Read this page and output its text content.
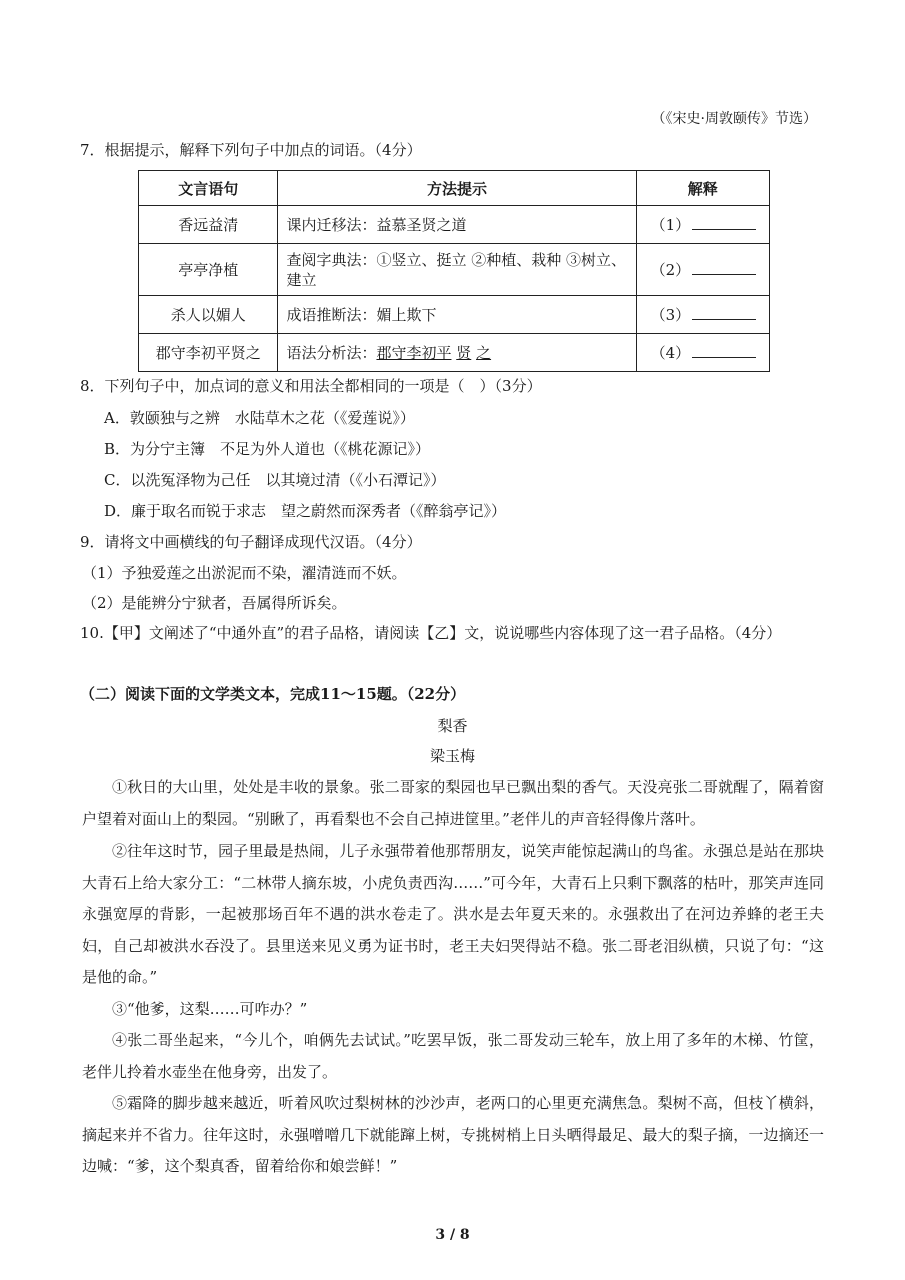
（《宋史·周敦颐传》节选）
7．根据提示，解释下列句子中加点的词语。（4分）
文言语句	方法提示	解释
香远益清	课内迁移法：益慕圣贤之道	（1）
亭亭净植	查阅字典法：①竖立、挺立 ②种植、栽种 ③树立、建立	（2）
杀人以媚人	成语推断法：媚上欺下	（3）
郡守李初平贤之	语法分析法：郡守李初平 贤 之	（4）
8．下列句子中，加点词的意义和用法全都相同的一项是（　）（3分）
A．敦颐独与之辨　水陆草木之花（《爱莲说》）
B．为分宁主簿　不足为外人道也（《桃花源记》）
C．以洗冤泽物为己任　以其境过清（《小石潭记》）
D．廉于取名而锐于求志　望之蔚然而深秀者（《醉翁亭记》）
9．请将文中画横线的句子翻译成现代汉语。（4分）
（1）予独爱莲之出淤泥而不染，濯清涟而不妖。
（2）是能辨分宁狱者，吾属得所诉矣。
10.【甲】文阐述了“中通外直”的君子品格，请阅读【乙】文，说说哪些内容体现了这一君子品格。（4分）
（二）阅读下面的文学类文本，完成11～15题。（22分）
梨香
梁玉梅
①秋日的大山里，处处是丰收的景象。张二哥家的梨园也早已飘出梨的香气。天没亮张二哥就醒了，隔着窗户望着对面山上的梨园。“别瞅了，再看梨也不会自己掉进筐里。”老伴儿的声音轻得像片落叶。
②往年这时节，园子里最是热闹，儿子永强带着他那帮朋友，说笑声能惊起满山的鸟雀。永强总是站在那块大青石上给大家分工：“二林带人摘东坡，小虎负责西沟……”可今年，大青石上只剩下飘落的枯叶，那笑声连同永强宽厚的背影，一起被那场百年不遇的洪水卷走了。洪水是去年夏天来的。永强救出了在河边养蜂的老王夫妇，自己却被洪水吞没了。县里送来见义勇为证书时，老王夫妇哭得站不稳。张二哥老泪纵横，只说了句：“这是他的命。”
③“他爹，这梨……可咋办？”
④张二哥坐起来，“今儿个，咱俩先去试试。”吃罢早饭，张二哥发动三轮车，放上用了多年的木梯、竹筐，老伴儿拎着水壶坐在他身旁，出发了。
⑤霜降的脚步越来越近，听着风吹过梨树林的沙沙声，老两口的心里更充满焦急。梨树不高，但枝丫横斜，摘起来并不省力。往年这时，永强噌噌几下就能蹿上树，专挑树梢上日头晒得最足、最大的梨子摘，一边摘还一边喊：“爹，这个梨真香，留着给你和娘尝鲜！”
3 / 8
